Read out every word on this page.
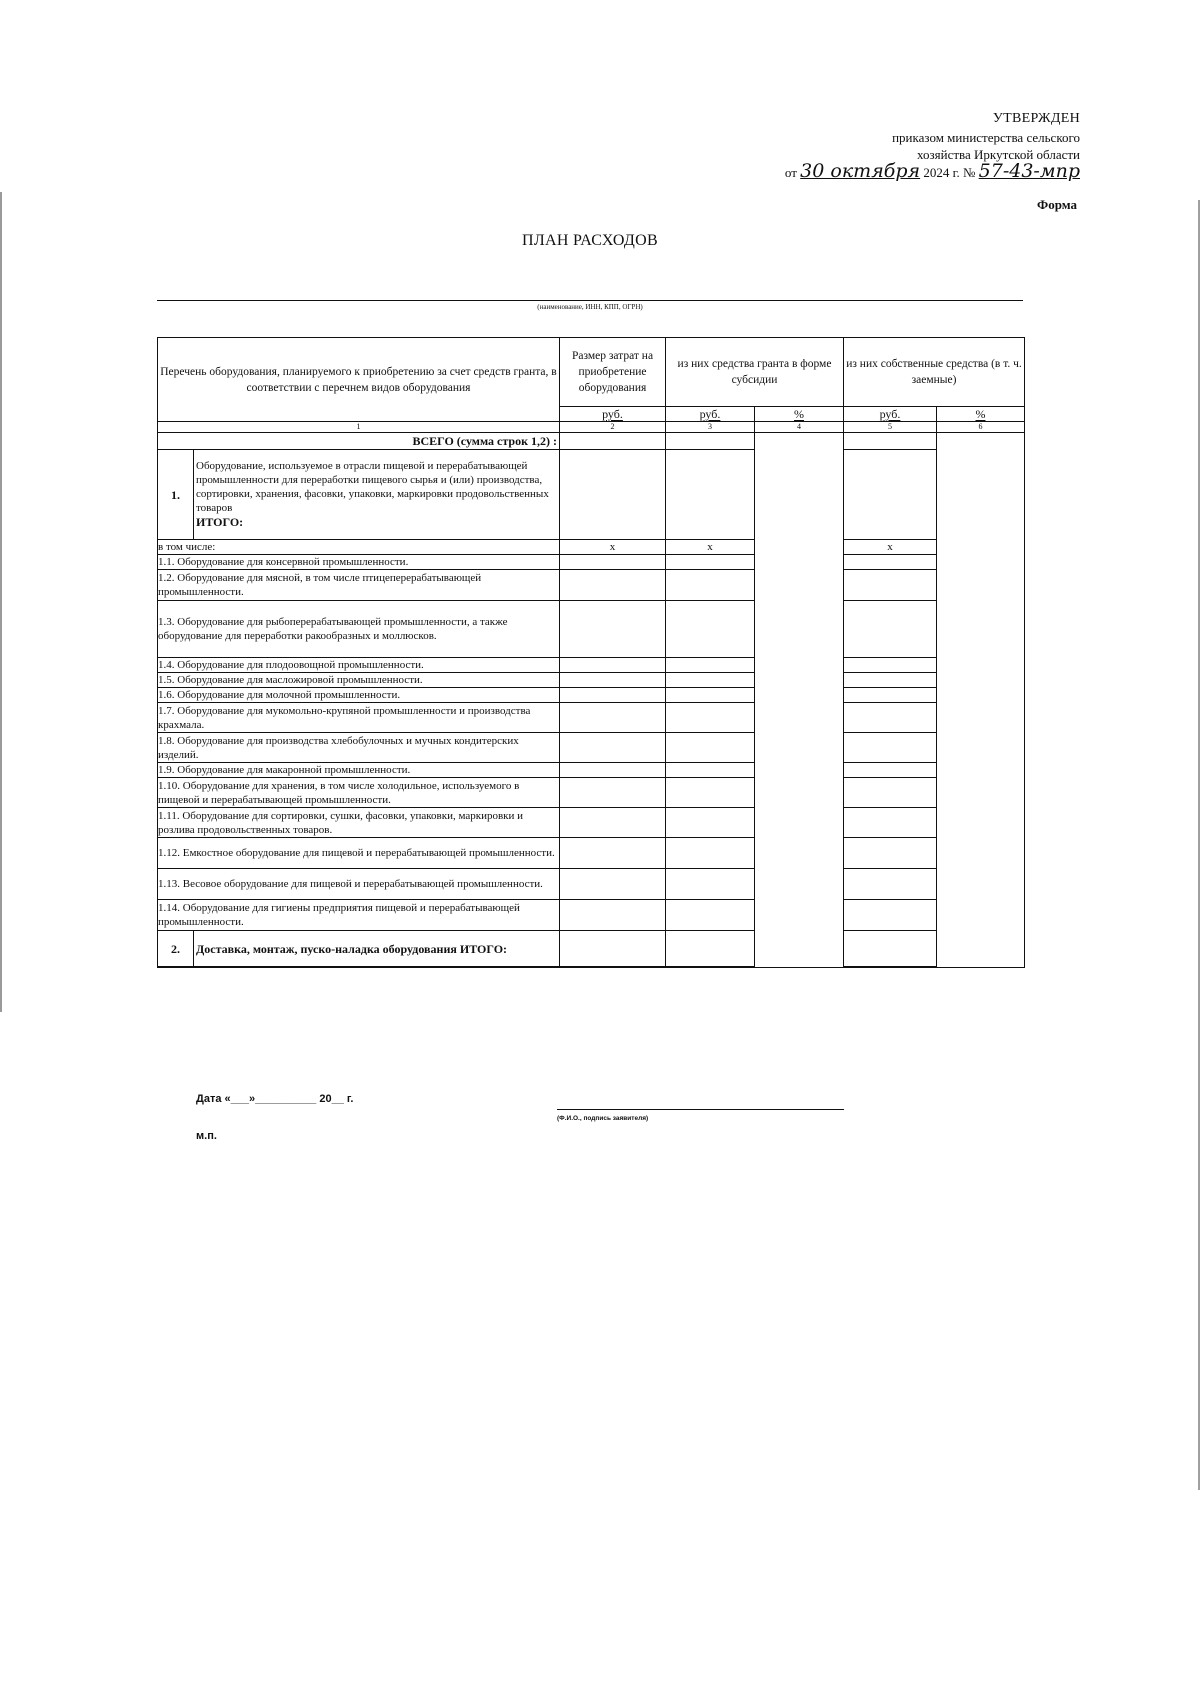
УТВЕРЖДЕН
приказом министерства сельского
хозяйства Иркутской области
от 30 октября 2024 г. № 57-43-мпр
Форма
ПЛАН РАСХОДОВ
(наименование, ИНН, КПП, ОГРН)
Перечень оборудования, планируемого к приобретению за счет средств гранта, в соответствии с перечнем видов оборудования		Размер затрат на приобретение оборудования	из них средства гранта в форме субсидии		из них собственные средства (в т. ч. заемные)	
		руб.	руб.	%	руб.	%
1		2	3	4	5	6
ВСЕГО (сумма строк 1,2) :						
1.	Оборудование, используемое в отрасли пищевой и перерабатывающей промышленности для переработки пищевого сырья и (или) производства, сортировки, хранения, фасовки, упаковки, маркировки продовольственных товаров
ИТОГО:					
в том числе:		х	х		х	
1.1. Оборудование для консервной промышленности.						
1.2. Оборудование для мясной, в том числе птицеперерабатывающей промышленности.						
1.3. Оборудование для рыбоперерабатывающей промышленности, а также оборудование для переработки ракообразных и моллюсков.						
1.4. Оборудование для плодоовощной промышленности.						
1.5. Оборудование для масложировой промышленности.						
1.6. Оборудование для молочной промышленности.						
1.7. Оборудование для мукомольно-крупяной промышленности и производства крахмала.						
1.8. Оборудование для производства хлебобулочных и мучных кондитерских изделий.						
1.9. Оборудование для макаронной промышленности.						
1.10. Оборудование для хранения, в том числе холодильное, используемого в пищевой и перерабатывающей промышленности.						
1.11. Оборудование для сортировки, сушки, фасовки, упаковки, маркировки и розлива продовольственных товаров.						
1.12. Емкостное оборудование для пищевой и перерабатывающей промышленности.						
1.13. Весовое оборудование для пищевой и перерабатывающей промышленности.						
1.14. Оборудование для гигиены предприятия пищевой и перерабатывающей промышленности.						
2.	Доставка, монтаж, пуско-наладка оборудования ИТОГО:					
Дата «___»__________ 20__ г.
(Ф.И.О., подпись заявителя)
м.п.
